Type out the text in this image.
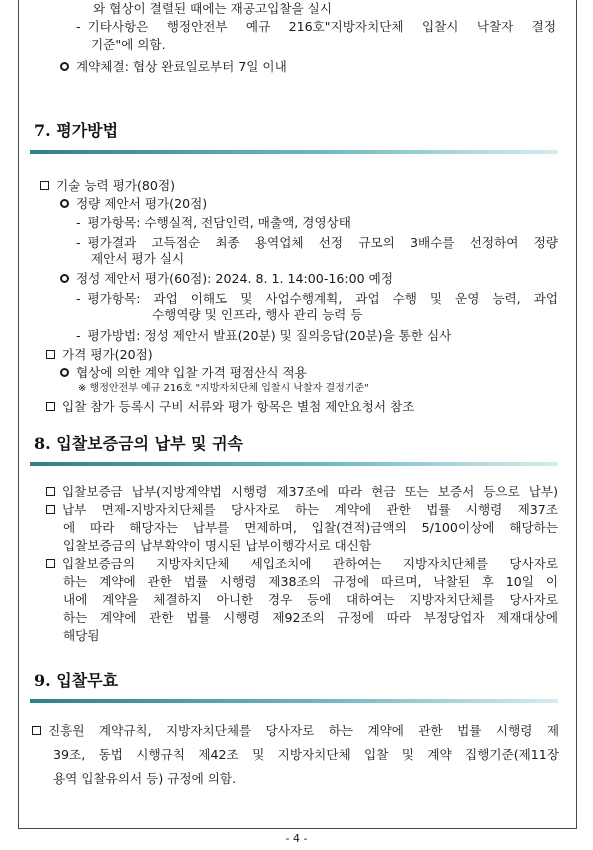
와 협상이 결렬된 때에는 재공고입찰을 실시
- 기타사항은 행정안전부 예규 216호"지방자치단체 입찰시 낙찰자 결정
기준"에 의함.
계약체결: 협상 완료일로부터 7일 이내
7. 평가방법
기술 능력 평가(80점)
정량 제안서 평가(20점)
- 평가항목: 수행실적, 전담인력, 매출액, 경영상태
- 평가결과 고득점순 최종 용역업체 선정 규모의 3배수를 선정하여 정량
제안서 평가 실시
정성 제안서 평가(60점): 2024. 8. 1. 14:00-16:00 예정
- 평가항목: 과업 이해도 및 사업수행계획, 과업 수행 및 운영 능력, 과업
수행역량 및 인프라, 행사 관리 능력 등
- 평가방법: 정성 제안서 발표(20분) 및 질의응답(20분)을 통한 심사
가격 평가(20점)
협상에 의한 계약 입찰 가격 평점산식 적용
※ 행정안전부 예규 216호 "지방자치단체 입찰시 낙찰자 결정기준"
입찰 참가 등록시 구비 서류와 평가 항목은 별첨 제안요청서 참조
8. 입찰보증금의 납부 및 귀속
입찰보증금 납부(지방계약법 시행령 제37조에 따라 현금 또는 보증서 등으로 납부)
납부 면제-지방자치단체를 당사자로 하는 계약에 관한 법률 시행령 제37조
에 따라 해당자는 납부를 면제하며, 입찰(견적)금액의 5/100이상에 해당하는
입찰보증금의 납부확약이 명시된 납부이행각서로 대신함
입찰보증금의 지방자치단체 세입조치에 관하여는 지방자치단체를 당사자로
하는 계약에 관한 법률 시행령 제38조의 규정에 따르며, 낙찰된 후 10일 이
내에 계약을 체결하지 아니한 경우 등에 대하여는 지방자치단체를 당사자로
하는 계약에 관한 법률 시행령 제92조의 규정에 따라 부정당업자 제재대상에
해당됨
9. 입찰무효
진흥원 계약규칙, 지방자치단체를 당사자로 하는 계약에 관한 법률 시행령 제
39조, 동법 시행규칙 제42조 및 지방자치단체 입찰 및 계약 집행기준(제11장
용역 입찰유의서 등) 규정에 의함.
- 4 -
